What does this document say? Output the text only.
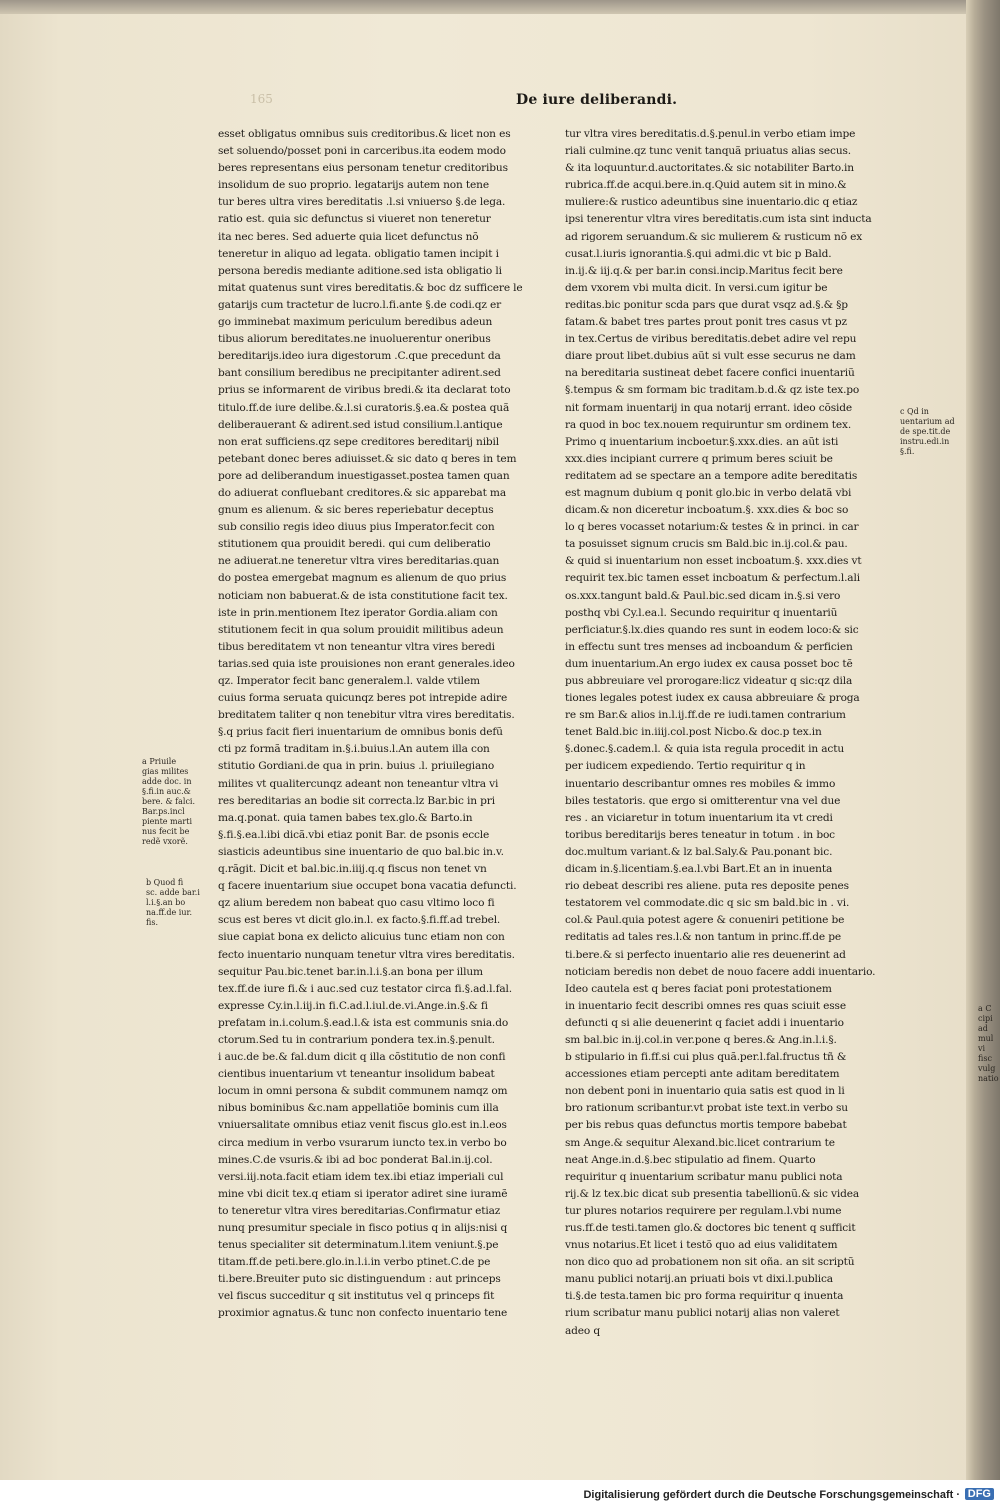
165	De iure deliberandi.
esset obligatus omnibus suis creditoribus.& licet non es
set soluendo/posset poni in carceribus.ita eodem modo
beres representans eius personam tenetur creditoribus
insolidum de suo proprio. legatarijs autem non tene
tur beres ultra vires bereditatis .l.si vniuerso §.de lega.
ratio est. quia sic defunctus si viueret non teneretur
ita nec beres. Sed aduerte quia licet defunctus nõ
teneretur in aliquo ad legata. obligatio tamen incipit i
persona beredis mediante aditione.sed ista obligatio li
mitat quatenus sunt vires bereditatis.& boc dz sufficere le
gatarijs cum tractetur de lucro.l.fi.ante §.de codi.qz er
go imminebat maximum periculum beredibus adeun
tibus aliorum bereditates.ne inuoluerentur oneribus
bereditarijs.ideo iura digestorum .C.que precedunt da
bant consilium beredibus ne precipitanter adirent.sed
prius se informarent de viribus bredi.& ita declarat toto
titulo.ff.de iure delibe.&.l.si curatoris.§.ea.& postea quã
deliberauerant & adirent.sed istud consilium.l.antique
non erat sufficiens.qz sepe creditores bereditarij nibil
petebant donec beres adiuisset.& sic dato q beres in tem
pore ad deliberandum inuestigasset.postea tamen quan
do adiuerat confluebant creditores.& sic apparebat ma
gnum es alienum. & sic beres reperiebatur deceptus
sub consilio regis ideo diuus pius Imperator.fecit con
stitutionem qua prouidit beredi. qui cum deliberatio
ne adiuerat.ne teneretur vltra vires bereditarias.quan
do postea emergebat magnum es alienum de quo prius
noticiam non babuerat.& de ista constitutione facit tex.
iste in prin.mentionem Itez iperator Gordia.aliam con
stitutionem fecit in qua solum prouidit militibus adeun
tibus bereditatem vt non teneantur vltra vires beredi
tarias.sed quia iste prouisiones non erant generales.ideo
qz. Imperator fecit banc generalem.l. valde vtilem
cuius forma seruata quicunqz beres pot intrepide adire
breditatem taliter q non tenebitur vltra vires bereditatis.
§.q prius facit fieri inuentarium de omnibus bonis defũ
cti pz formã traditam in.§.i.buius.l.An autem illa con
stitutio Gordiani.de qua in prin. buius .l. priuilegiano
milites vt qualitercunqz adeant non teneantur vltra vi
res bereditarias an bodie sit correcta.lz Bar.bic in pri
ma.q.ponat. quia tamen babes tex.glo.& Barto.in
§.fi.§.ea.l.ibi dicã.vbi etiaz ponit Bar. de psonis eccle
siasticis adeuntibus sine inuentario de quo bal.bic in.v.
q.rãgit. Dicit et bal.bic.in.iiij.q.q fiscus non tenet vn
q facere inuentarium siue occupet bona vacatia defuncti.
qz alium beredem non babeat quo casu vltimo loco fi
scus est beres vt dicit glo.in.l. ex facto.§.fi.ff.ad trebel.
siue capiat bona ex delicto alicuius tunc etiam non con
fecto inuentario nunquam tenetur vltra vires bereditatis.
sequitur Pau.bic.tenet bar.in.l.i.§.an bona per illum
tex.ff.de iure fi.& i auc.sed cuz testator circa fi.§.ad.l.fal.
expresse Cy.in.l.iij.in fi.C.ad.l.iul.de.vi.Ange.in.§.& fi
prefatam in.i.colum.§.ead.l.& ista est communis snia.do
ctorum.Sed tu in contrarium pondera tex.in.§.penult.
i auc.de be.& fal.dum dicit q illa cõstitutio de non confi
cientibus inuentarium vt teneantur insolidum babeat
locum in omni persona & subdit communem namqz om
nibus bominibus &c.nam appellatiõe bominis cum illa
vniuersalitate omnibus etiaz venit fiscus glo.est in.l.eos
circa medium in verbo vsurarum iuncto tex.in verbo bo
mines.C.de vsuris.& ibi ad boc ponderat Bal.in.ij.col.
versi.iij.nota.facit etiam idem tex.ibi etiaz imperiali cul
mine vbi dicit tex.q etiam si iperator adiret sine iuramẽ
to teneretur vltra vires bereditarias.Confirmatur etiaz
nunq presumitur speciale in fisco potius q in alijs:nisi q
tenus specialiter sit determinatum.l.item veniunt.§.pe
titam.ff.de peti.bere.glo.in.l.i.in verbo ptinet.C.de pe
ti.bere.Breuiter puto sic distinguendum : aut princeps
vel fiscus succeditur q sit institutus vel q princeps fit
proximior agnatus.& tunc non confecto inuentario tene
tur vltra vires bereditatis.d.§.penul.in verbo etiam impe
riali culmine.qz tunc venit tanquã priuatus alias secus.
& ita loquuntur.d.auctoritates.& sic notabiliter Barto.in
rubrica.ff.de acqui.bere.in.q.Quid autem sit in mino.&
muliere:& rustico adeuntibus sine inuentario.dic q etiaz
ipsi tenerentur vltra vires bereditatis.cum ista sint inducta
ad rigorem seruandum.& sic mulierem & rusticum nõ ex
cusat.l.iuris ignorantia.§.qui admi.dic vt bic p Bald.
in.ij.& iij.q.& per bar.in consi.incip.Maritus fecit bere
dem vxorem vbi multa dicit. In versi.cum igitur be
reditas.bic ponitur scda pars que durat vsqz ad.§.& §p
fatam.& babet tres partes prout ponit tres casus vt pz
in tex.Certus de viribus bereditatis.debet adire vel repu
diare prout libet.dubius aũt si vult esse securus ne dam
na bereditaria sustineat debet facere confici inuentariũ
§.tempus & sm formam bic traditam.b.d.& qz iste tex.po
nit formam inuentarij in qua notarij errant. ideo cõside
ra quod in boc tex.nouem requiruntur sm ordinem tex.
Primo q inuentarium incboetur.§.xxx.dies. an aũt isti
xxx.dies incipiant currere q primum beres sciuit be
reditatem ad se spectare an a tempore adite bereditatis
est magnum dubium q ponit glo.bic in verbo delatã vbi
dicam.& non diceretur incboatum.§. xxx.dies & boc so
lo q beres vocasset notarium:& testes & in princi. in car
ta posuisset signum crucis sm Bald.bic in.ij.col.& pau.
& quid si inuentarium non esset incboatum.§. xxx.dies vt
requirit tex.bic tamen esset incboatum & perfectum.l.ali
os.xxx.tangunt bald.& Paul.bic.sed dicam in.§.si vero
posthq vbi Cy.l.ea.l. Secundo requiritur q inuentariũ
perficiatur.§.lx.dies quando res sunt in eodem loco:& sic
in effectu sunt tres menses ad incboandum & perficien
dum inuentarium.An ergo iudex ex causa posset boc tẽ
pus abbreuiare vel prorogare:licz videatur q sic:qz dila
tiones legales potest iudex ex causa abbreuiare & proga
re sm Bar.& alios in.l.ij.ff.de re iudi.tamen contrarium
tenet Bald.bic in.iiij.col.post Nicbo.& doc.p tex.in
§.donec.§.cadem.l. & quia ista regula procedit in actu
per iudicem expediendo. Tertio requiritur q in
inuentario describantur omnes res mobiles & immo
biles testatoris. que ergo si omitterentur vna vel due
res . an viciaretur in totum inuentarium ita vt credi
toribus bereditarijs beres teneatur in totum . in boc
doc.multum variant.& lz bal.Saly.& Pau.ponant bic.
dicam in.§.licentiam.§.ea.l.vbi Bart.Et an in inuenta
rio debeat describi res aliene. puta res deposite penes
testatorem vel commodate.dic q sic sm bald.bic in . vi.
col.& Paul.quia potest agere & conueniri petitione be
reditatis ad tales res.l.& non tantum in princ.ff.de pe
ti.bere.& si perfecto inuentario alie res deuenerint ad
noticiam beredis non debet de nouo facere addi inuentario.
Ideo cautela est q beres faciat poni protestationem
in inuentario fecit describi omnes res quas sciuit esse
defuncti q si alie deuenerint q faciet addi i inuentario
sm bal.bic in.ij.col.in ver.pone q beres.& Ang.in.l.i.§.
b stipulario in fi.ff.si cui plus quã.per.l.fal.fructus tñ &
accessiones etiam percepti ante aditam bereditatem
non debent poni in inuentario quia satis est quod in li
bro rationum scribantur.vt probat iste text.in verbo su
per bis rebus quas defunctus mortis tempore babebat
sm Ange.& sequitur Alexand.bic.licet contrarium te
neat Ange.in.d.§.bec stipulatio ad finem. Quarto
requiritur q inuentarium scribatur manu publici nota
rij.& lz tex.bic dicat sub presentia tabellionũ.& sic videa
tur plures notarios requirere per regulam.l.vbi nume
rus.ff.de testi.tamen glo.& doctores bic tenent q sufficit
vnus notarius.Et licet i testõ quo ad eius validitatem
non dico quo ad probationem non sit oña. an sit scriptũ
manu publici notarij.an priuati bois vt dixi.l.publica
ti.§.de testa.tamen bic pro forma requiritur q inuenta
rium scribatur manu publici notarij alias non valeret
adeo q
a Priuile
gias milites
adde doc. in
§.fi.in auc.&
bere. & falci.
Bar.ps.incl
piente marti
nus fecit be
redẽ vxorẽ.
b Quod fi
sc. adde bar.i
l.i.§.an bo
na.ff.de iur.
fis.
c Qd in
uentarium ad
de spe.tit.de
instru.edi.in
§.fi.
a C
cipi
ad
mul
vi
fisc
vulg
natio
Digitalisierung gefördert durch die Deutsche Forschungsgemeinschaft · DFG
